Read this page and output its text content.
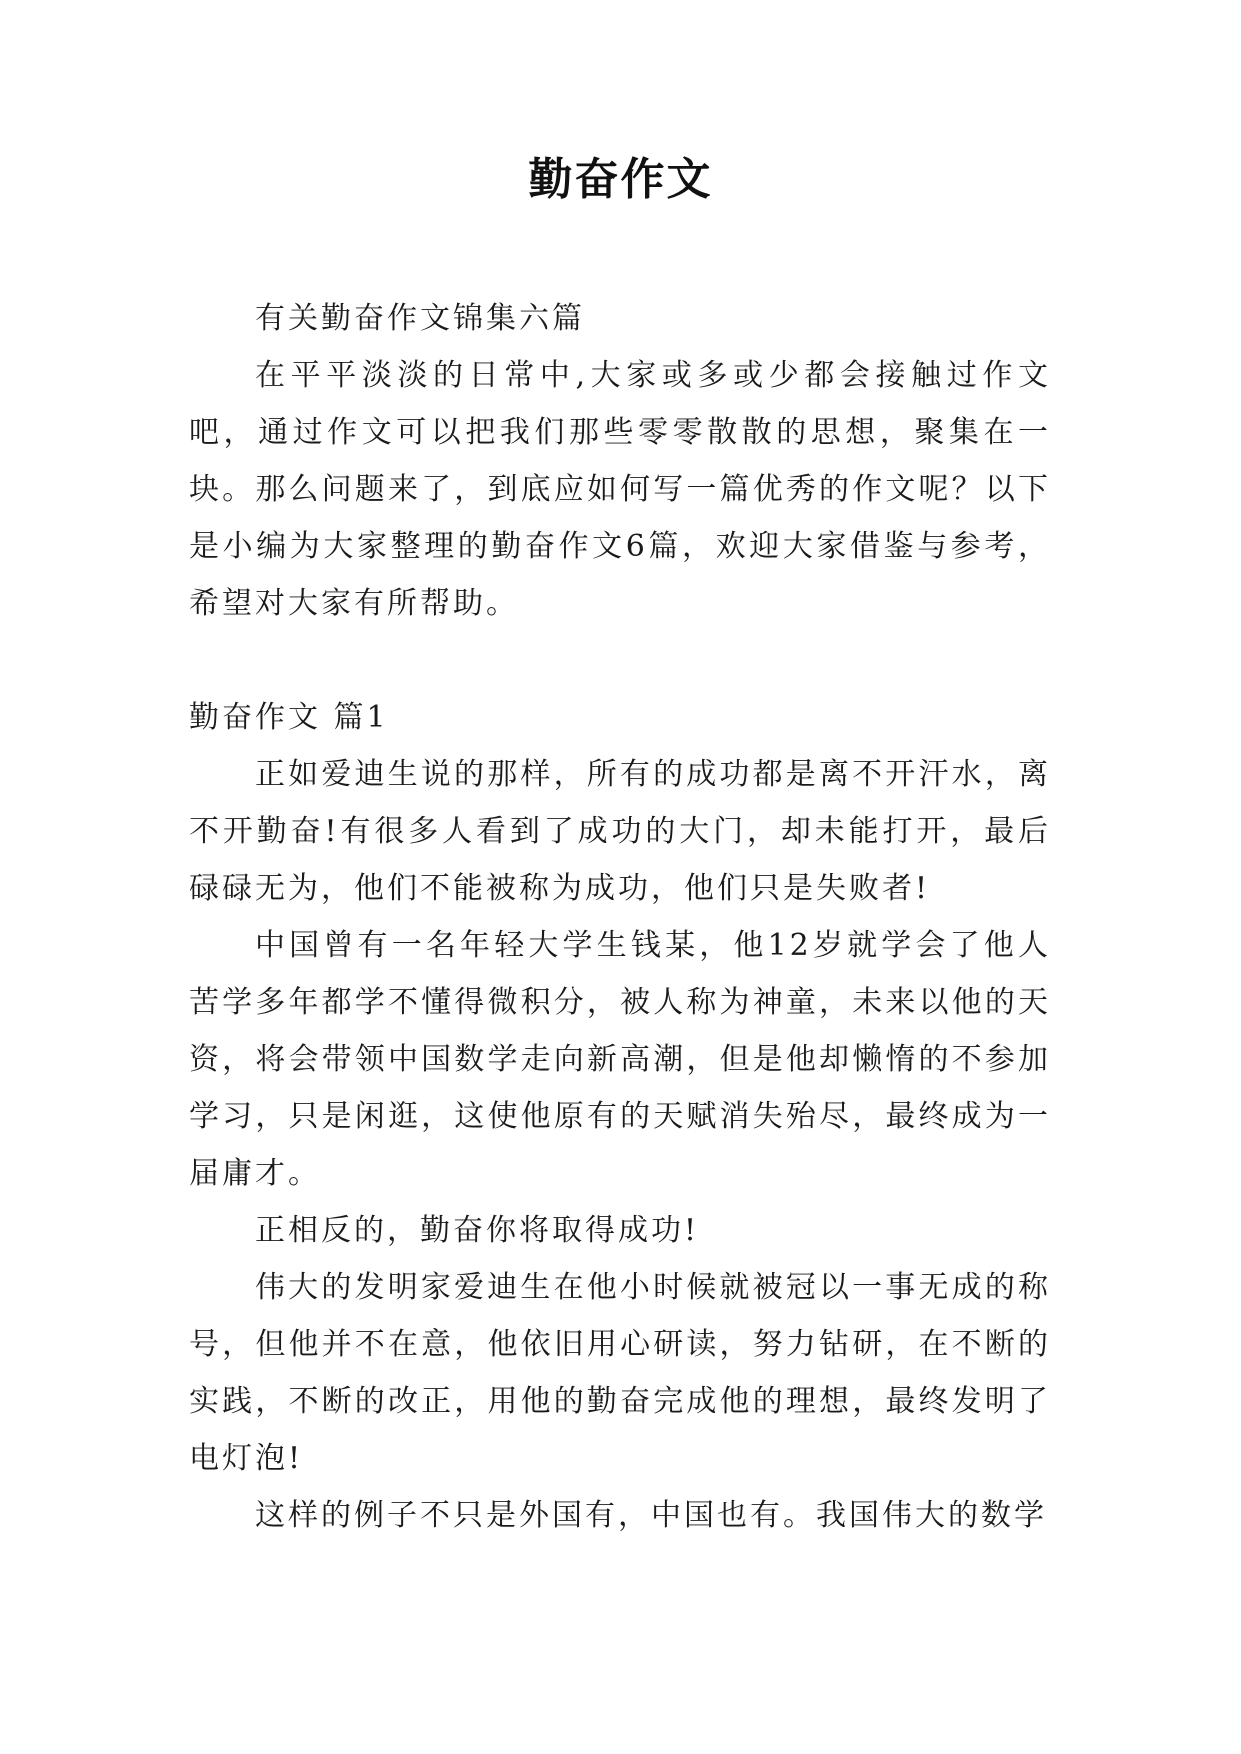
勤奋作文

有关勤奋作文锦集六篇

在平平淡淡的日常中,大家或多或少都会接触过作文吧，通过作文可以把我们那些零零散散的思想，聚集在一块。那么问题来了，到底应如何写一篇优秀的作文呢？以下是小编为大家整理的勤奋作文6篇，欢迎大家借鉴与参考，希望对大家有所帮助。

勤奋作文 篇1

正如爱迪生说的那样，所有的成功都是离不开汗水，离不开勤奋!有很多人看到了成功的大门，却未能打开，最后碌碌无为，他们不能被称为成功，他们只是失败者!

中国曾有一名年轻大学生钱某，他12岁就学会了他人苦学多年都学不懂得微积分，被人称为神童，未来以他的天资，将会带领中国数学走向新高潮，但是他却懒惰的不参加学习，只是闲逛，这使他原有的天赋消失殆尽，最终成为一届庸才。

正相反的，勤奋你将取得成功!

伟大的发明家爱迪生在他小时候就被冠以一事无成的称号，但他并不在意，他依旧用心研读，努力钻研，在不断的实践，不断的改正，用他的勤奋完成他的理想，最终发明了电灯泡!

这样的例子不只是外国有，中国也有。我国伟大的数学
